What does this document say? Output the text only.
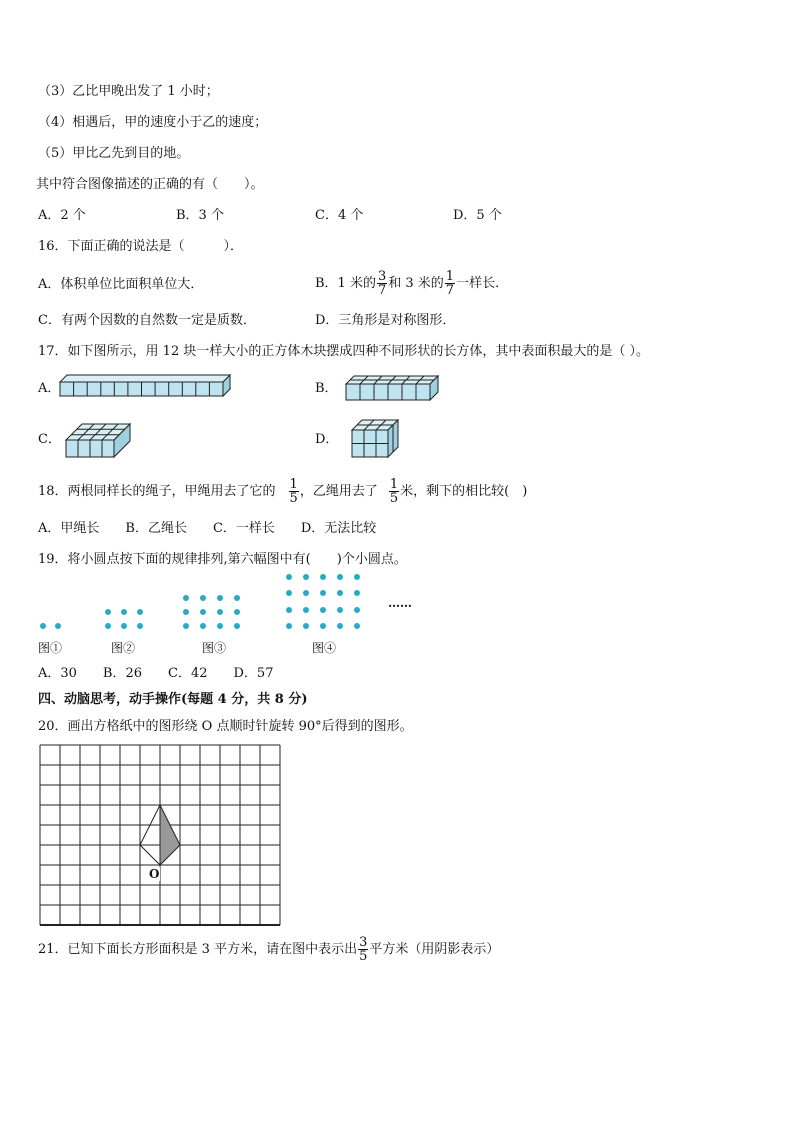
（3）乙比甲晚出发了 1 小时；
（4）相遇后，甲的速度小于乙的速度；
（5）甲比乙先到目的地。
其中符合图像描述的正确的有（　　）。
A．2 个	B．3 个	C．4 个	D．5 个
16．下面正确的说法是（　　　）．
A．体积单位比面积单位大．	B．1 米的 $\frac{3}{7}$ 和 3 米的 $\frac{1}{7}$ 一样长．
C．有两个因数的自然数一定是质数．	D．三角形是对称图形．
17．如下图所示，用 12 块一样大小的正方体木块摆成四种不同形状的长方体，其中表面积最大的是（ ）。
A．	B．
C．	D．
18．两根同样长的绳子，甲绳用去了它的 $\frac{1}{5}$ ，乙绳用去了 $\frac{1}{5}$ 米，剩下的相比较(　)
A．甲绳长　　B．乙绳长　　C．一样长　　D．无法比较
19．将小圆点按下面的规律排列,第六幅图中有(　　)个小圆点。
……
图①	图②	图③	图④
A．30　　B．26　　C．42　　D．57
四、动脑思考，动手操作(每题 4 分，共 8 分)
20．画出方格纸中的图形绕 O 点顺时针旋转 90°后得到的图形。
O
21．已知下面长方形面积是 3 平方米，请在图中表示出 $\frac{3}{5}$ 平方米（用阴影表示）
